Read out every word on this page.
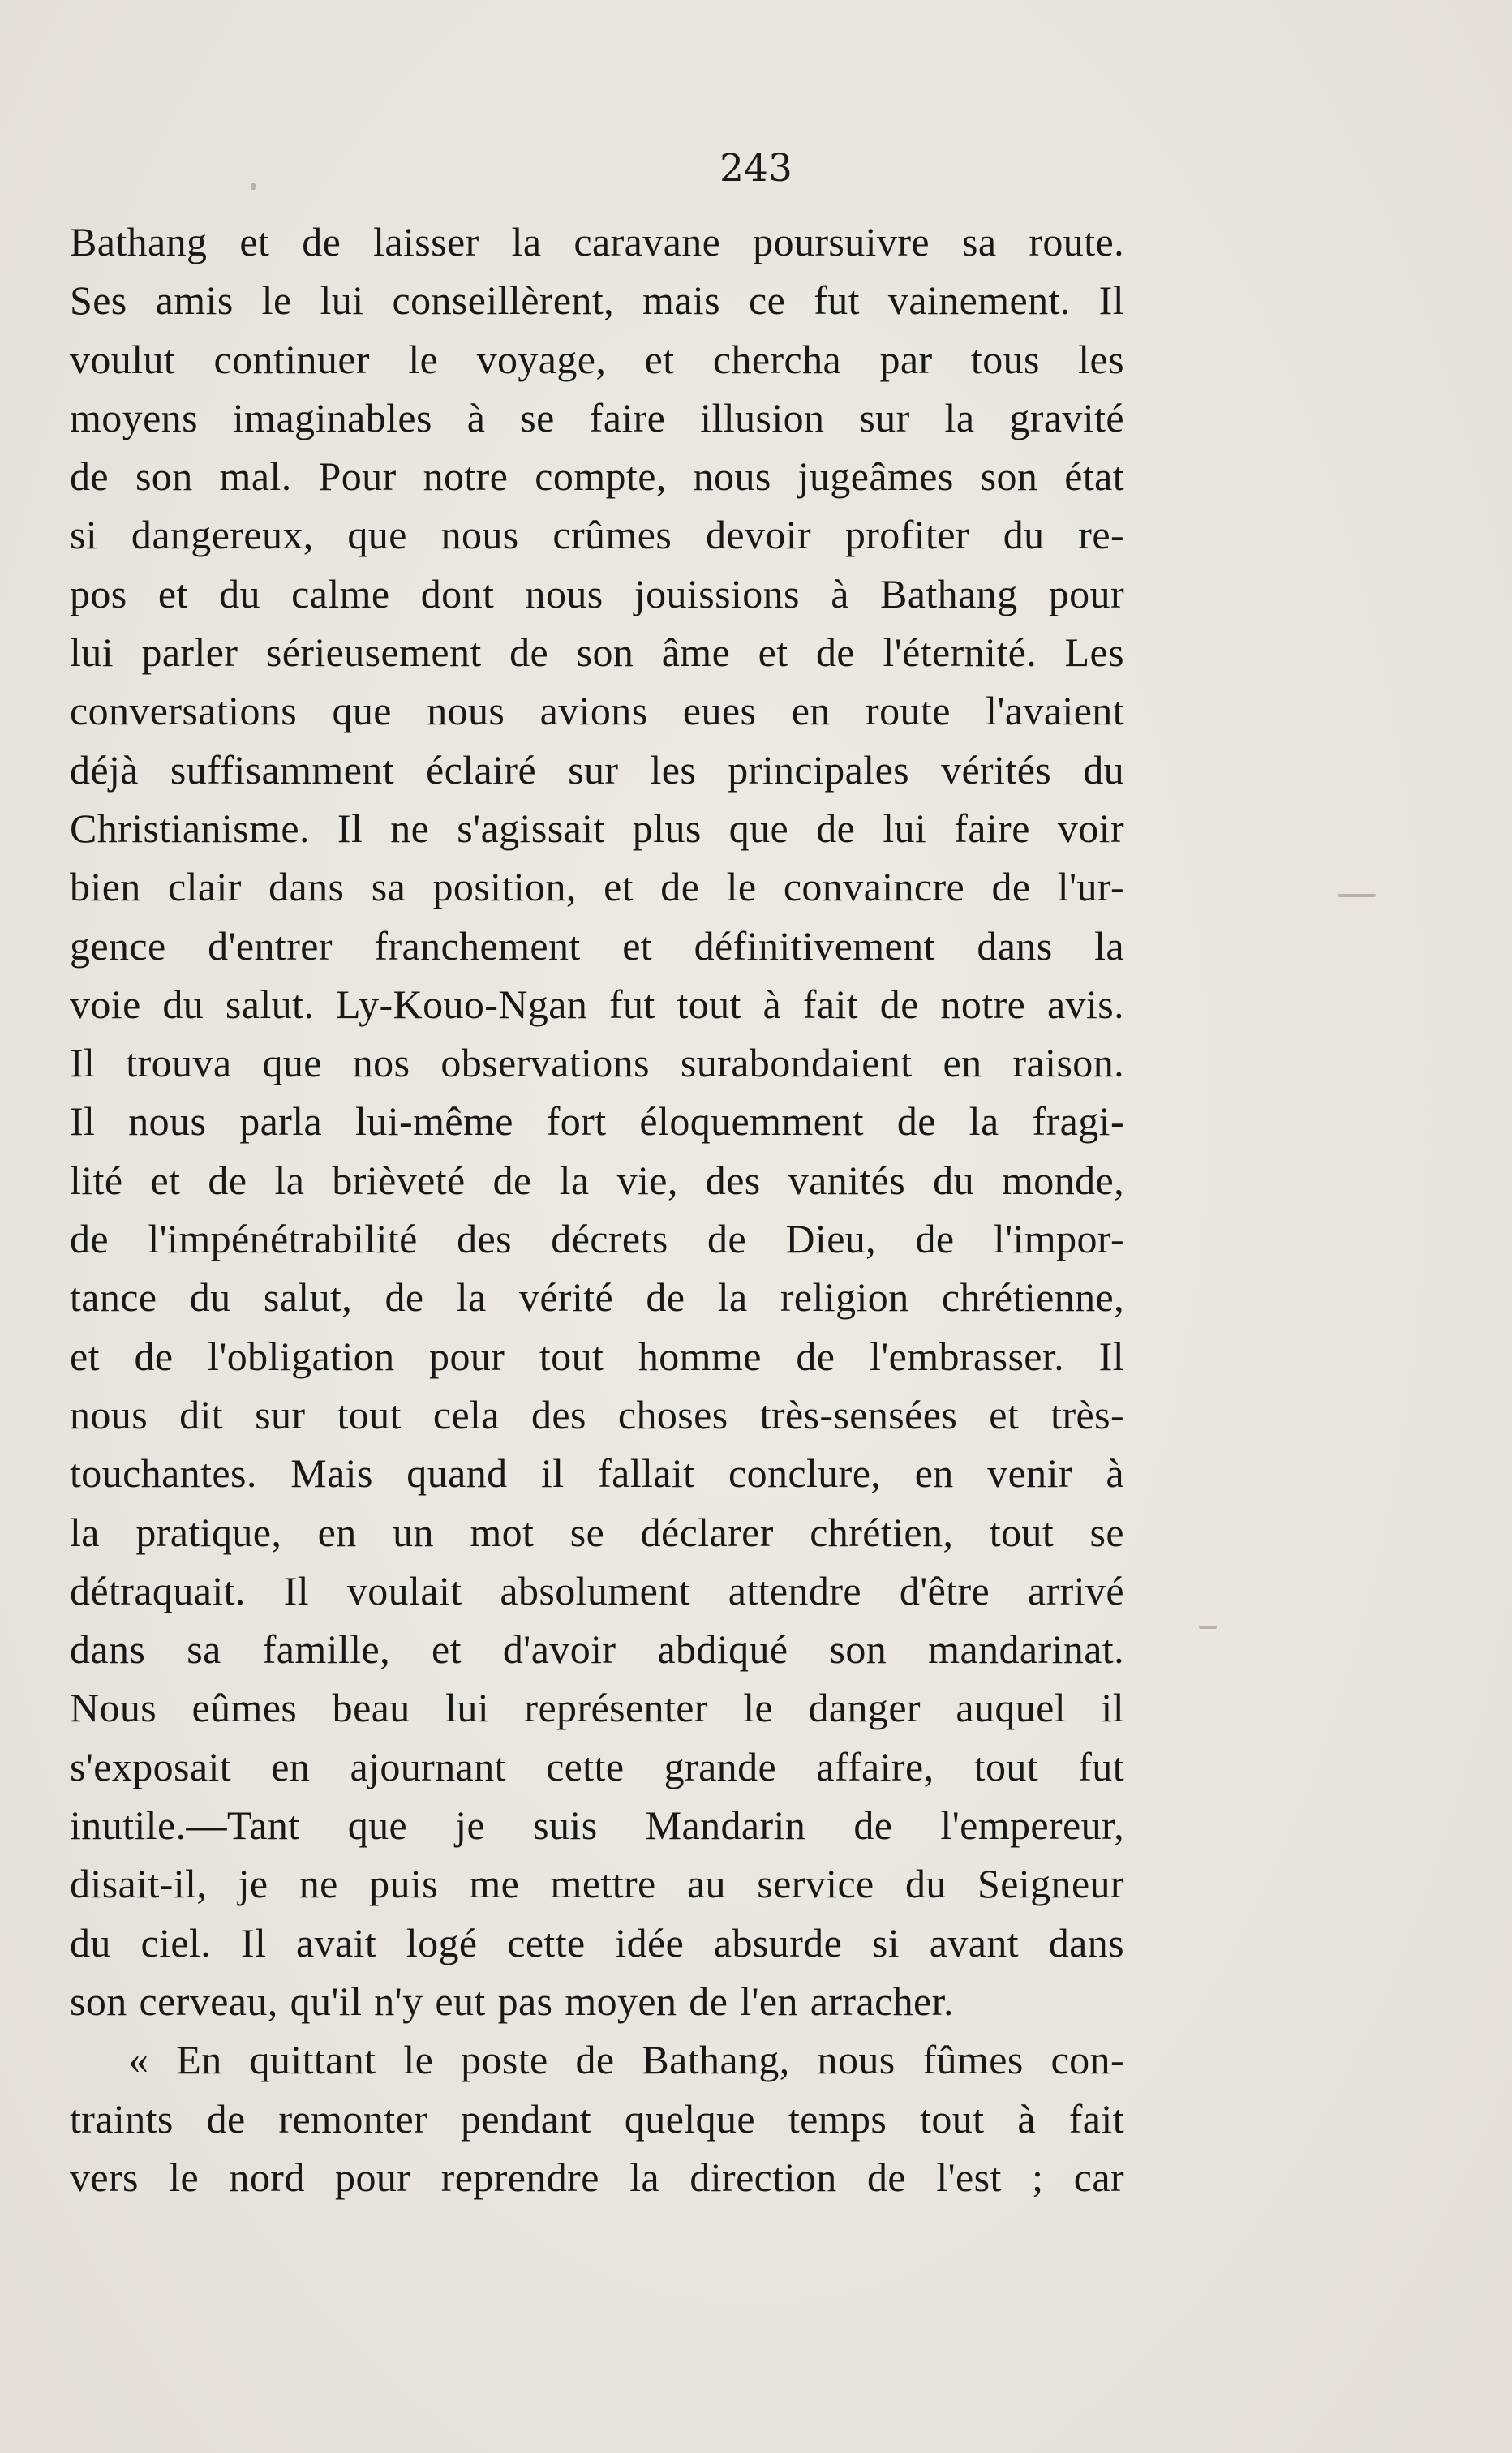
243
Bathang et de laisser la caravane poursuivre sa route.
Ses amis le lui conseillèrent, mais ce fut vainement. Il
voulut continuer le voyage, et chercha par tous les
moyens imaginables à se faire illusion sur la gravité
de son mal. Pour notre compte, nous jugeâmes son état
si dangereux, que nous crûmes devoir profiter du re-
pos et du calme dont nous jouissions à Bathang pour
lui parler sérieusement de son âme et de l'éternité. Les
conversations que nous avions eues en route l'avaient
déjà suffisamment éclairé sur les principales vérités du
Christianisme. Il ne s'agissait plus que de lui faire voir
bien clair dans sa position, et de le convaincre de l'ur-
gence d'entrer franchement et définitivement dans la
voie du salut. Ly-Kouo-Ngan fut tout à fait de notre avis.
Il trouva que nos observations surabondaient en raison.
Il nous parla lui-même fort éloquemment de la fragi-
lité et de la brièveté de la vie, des vanités du monde,
de l'impénétrabilité des décrets de Dieu, de l'impor-
tance du salut, de la vérité de la religion chrétienne,
et de l'obligation pour tout homme de l'embrasser. Il
nous dit sur tout cela des choses très-sensées et très-
touchantes. Mais quand il fallait conclure, en venir à
la pratique, en un mot se déclarer chrétien, tout se
détraquait. Il voulait absolument attendre d'être arrivé
dans sa famille, et d'avoir abdiqué son mandarinat.
Nous eûmes beau lui représenter le danger auquel il
s'exposait en ajournant cette grande affaire, tout fut
inutile.—Tant que je suis Mandarin de l'empereur,
disait-il, je ne puis me mettre au service du Seigneur
du ciel. Il avait logé cette idée absurde si avant dans
son cerveau, qu'il n'y eut pas moyen de l'en arracher.
« En quittant le poste de Bathang, nous fûmes con-
traints de remonter pendant quelque temps tout à fait
vers le nord pour reprendre la direction de l'est ; car
